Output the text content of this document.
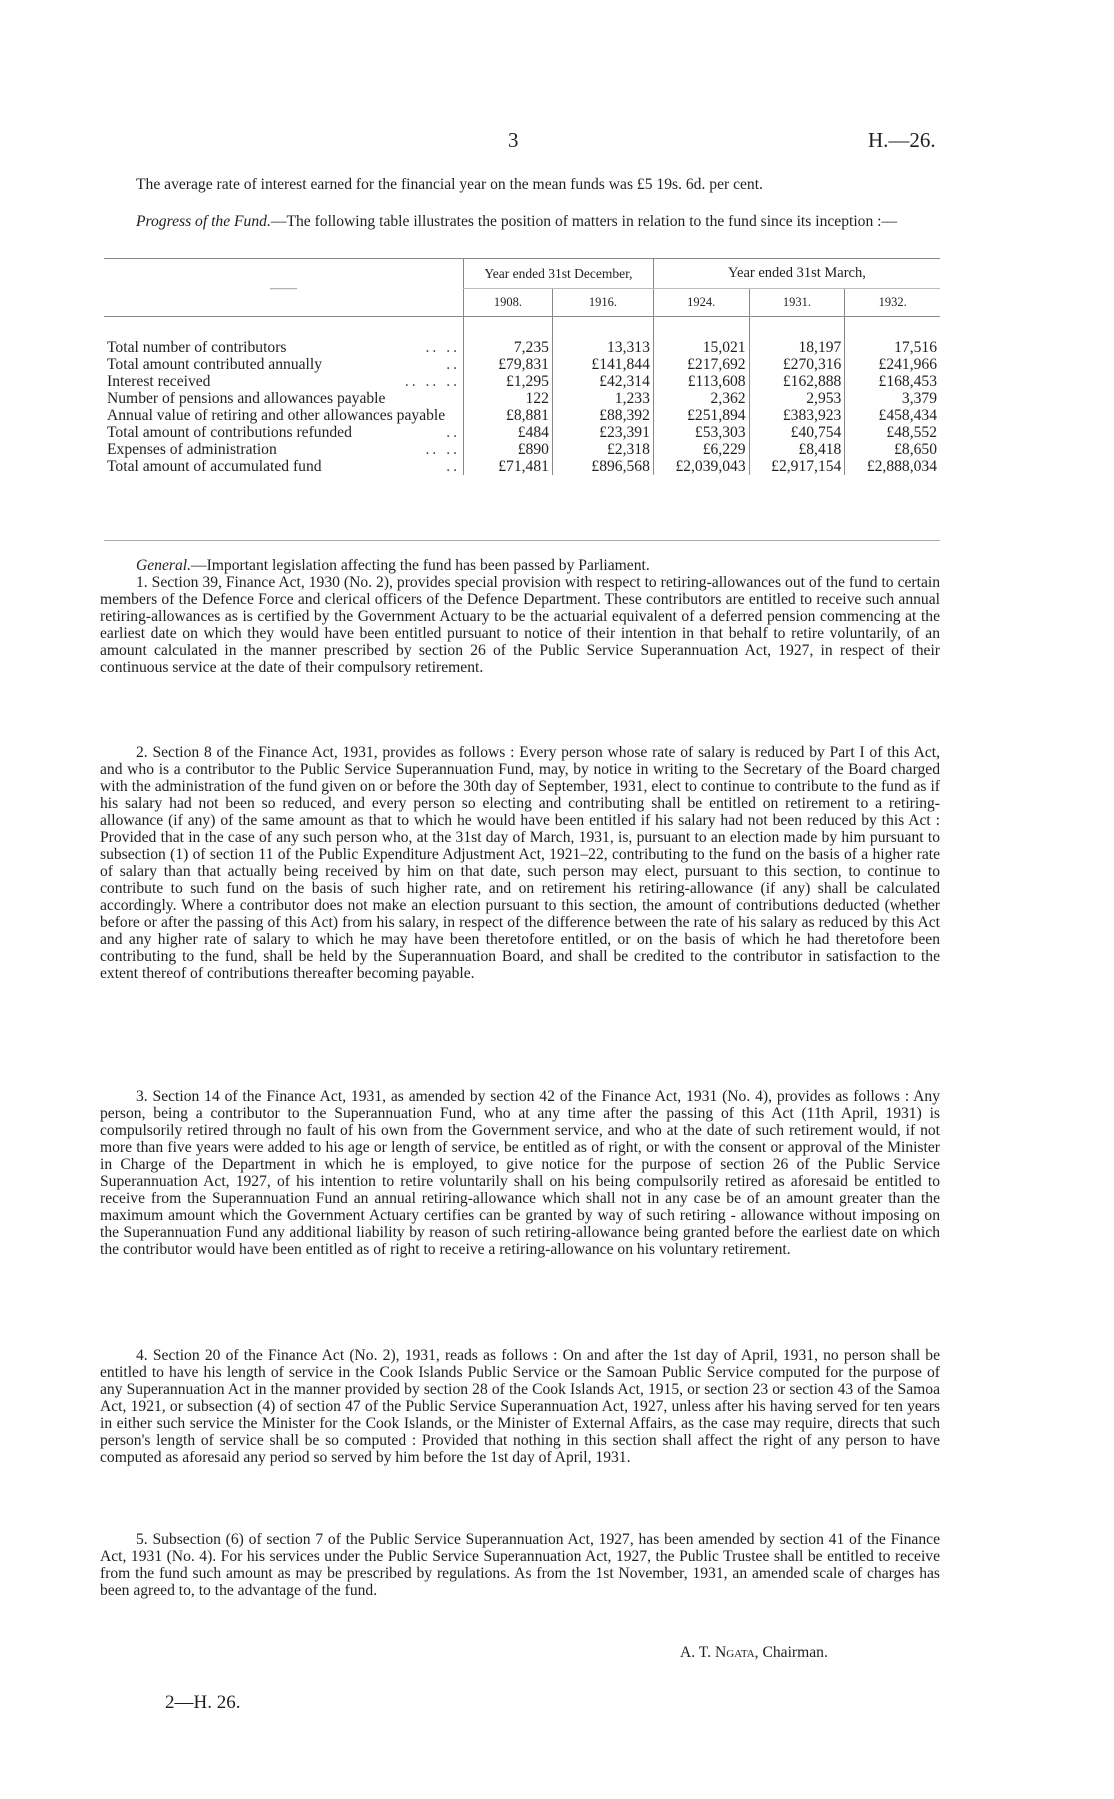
3	H.—26.

The average rate of interest earned for the financial year on the mean funds was £5 19s. 6d. per cent.

Progress of the Fund.—The following table illustrates the position of matters in relation to the fund since its inception :—

——	Year ended 31st December,		Year ended 31st March,		
	1908.	1916.	1924.	1931.	1932.

Total number of contributors .. ..	7,235	13,313	15,021	18,197	17,516
Total amount contributed annually ..	£79,831	£141,844	£217,692	£270,316	£241,966
Interest received .. .. ..	£1,295	£42,314	£113,608	£162,888	£168,453
Number of pensions and allowances payable	122	1,233	2,362	2,953	3,379
Annual value of retiring and other allowances payable	£8,881	£88,392	£251,894	£383,923	£458,434
Total amount of contributions refunded ..	£484	£23,391	£53,303	£40,754	£48,552
Expenses of administration .. ..	£890	£2,318	£6,229	£8,418	£8,650
Total amount of accumulated fund ..	£71,481	£896,568	£2,039,043	£2,917,154	£2,888,034

General.—Important legislation affecting the fund has been passed by Parliament.

1. Section 39, Finance Act, 1930 (No. 2), provides special provision with respect to retiring-allowances out of the fund to certain members of the Defence Force and clerical officers of the Defence Department. These contributors are entitled to receive such annual retiring-allowances as is certified by the Government Actuary to be the actuarial equivalent of a deferred pension commencing at the earliest date on which they would have been entitled pursuant to notice of their intention in that behalf to retire voluntarily, of an amount calculated in the manner prescribed by section 26 of the Public Service Superannuation Act, 1927, in respect of their continuous service at the date of their compulsory retirement.

2. Section 8 of the Finance Act, 1931, provides as follows : Every person whose rate of salary is reduced by Part I of this Act, and who is a contributor to the Public Service Superannuation Fund, may, by notice in writing to the Secretary of the Board charged with the administration of the fund given on or before the 30th day of September, 1931, elect to continue to contribute to the fund as if his salary had not been so reduced, and every person so electing and contributing shall be entitled on retirement to a retiring-allowance (if any) of the same amount as that to which he would have been entitled if his salary had not been reduced by this Act : Provided that in the case of any such person who, at the 31st day of March, 1931, is, pursuant to an election made by him pursuant to subsection (1) of section 11 of the Public Expenditure Adjustment Act, 1921–22, contributing to the fund on the basis of a higher rate of salary than that actually being received by him on that date, such person may elect, pursuant to this section, to continue to contribute to such fund on the basis of such higher rate, and on retirement his retiring-allowance (if any) shall be calculated accordingly. Where a contributor does not make an election pursuant to this section, the amount of contributions deducted (whether before or after the passing of this Act) from his salary, in respect of the difference between the rate of his salary as reduced by this Act and any higher rate of salary to which he may have been theretofore entitled, or on the basis of which he had theretofore been contributing to the fund, shall be held by the Superannuation Board, and shall be credited to the contributor in satisfaction to the extent thereof of contributions thereafter becoming payable.

3. Section 14 of the Finance Act, 1931, as amended by section 42 of the Finance Act, 1931 (No. 4), provides as follows : Any person, being a contributor to the Superannuation Fund, who at any time after the passing of this Act (11th April, 1931) is compulsorily retired through no fault of his own from the Government service, and who at the date of such retirement would, if not more than five years were added to his age or length of service, be entitled as of right, or with the consent or approval of the Minister in Charge of the Department in which he is employed, to give notice for the purpose of section 26 of the Public Service Superannuation Act, 1927, of his intention to retire voluntarily shall on his being compulsorily retired as aforesaid be entitled to receive from the Superannuation Fund an annual retiring-allowance which shall not in any case be of an amount greater than the maximum amount which the Government Actuary certifies can be granted by way of such retiring - allowance without imposing on the Superannuation Fund any additional liability by reason of such retiring-allowance being granted before the earliest date on which the contributor would have been entitled as of right to receive a retiring-allowance on his voluntary retirement.

4. Section 20 of the Finance Act (No. 2), 1931, reads as follows : On and after the 1st day of April, 1931, no person shall be entitled to have his length of service in the Cook Islands Public Service or the Samoan Public Service computed for the purpose of any Superannuation Act in the manner provided by section 28 of the Cook Islands Act, 1915, or section 23 or section 43 of the Samoa Act, 1921, or subsection (4) of section 47 of the Public Service Superannuation Act, 1927, unless after his having served for ten years in either such service the Minister for the Cook Islands, or the Minister of External Affairs, as the case may require, directs that such person's length of service shall be so computed : Provided that nothing in this section shall affect the right of any person to have computed as aforesaid any period so served by him before the 1st day of April, 1931.

5. Subsection (6) of section 7 of the Public Service Superannuation Act, 1927, has been amended by section 41 of the Finance Act, 1931 (No. 4). For his services under the Public Service Superannuation Act, 1927, the Public Trustee shall be entitled to receive from the fund such amount as may be prescribed by regulations. As from the 1st November, 1931, an amended scale of charges has been agreed to, to the advantage of the fund.

A. T. Ngata, Chairman.
2—H. 26.
